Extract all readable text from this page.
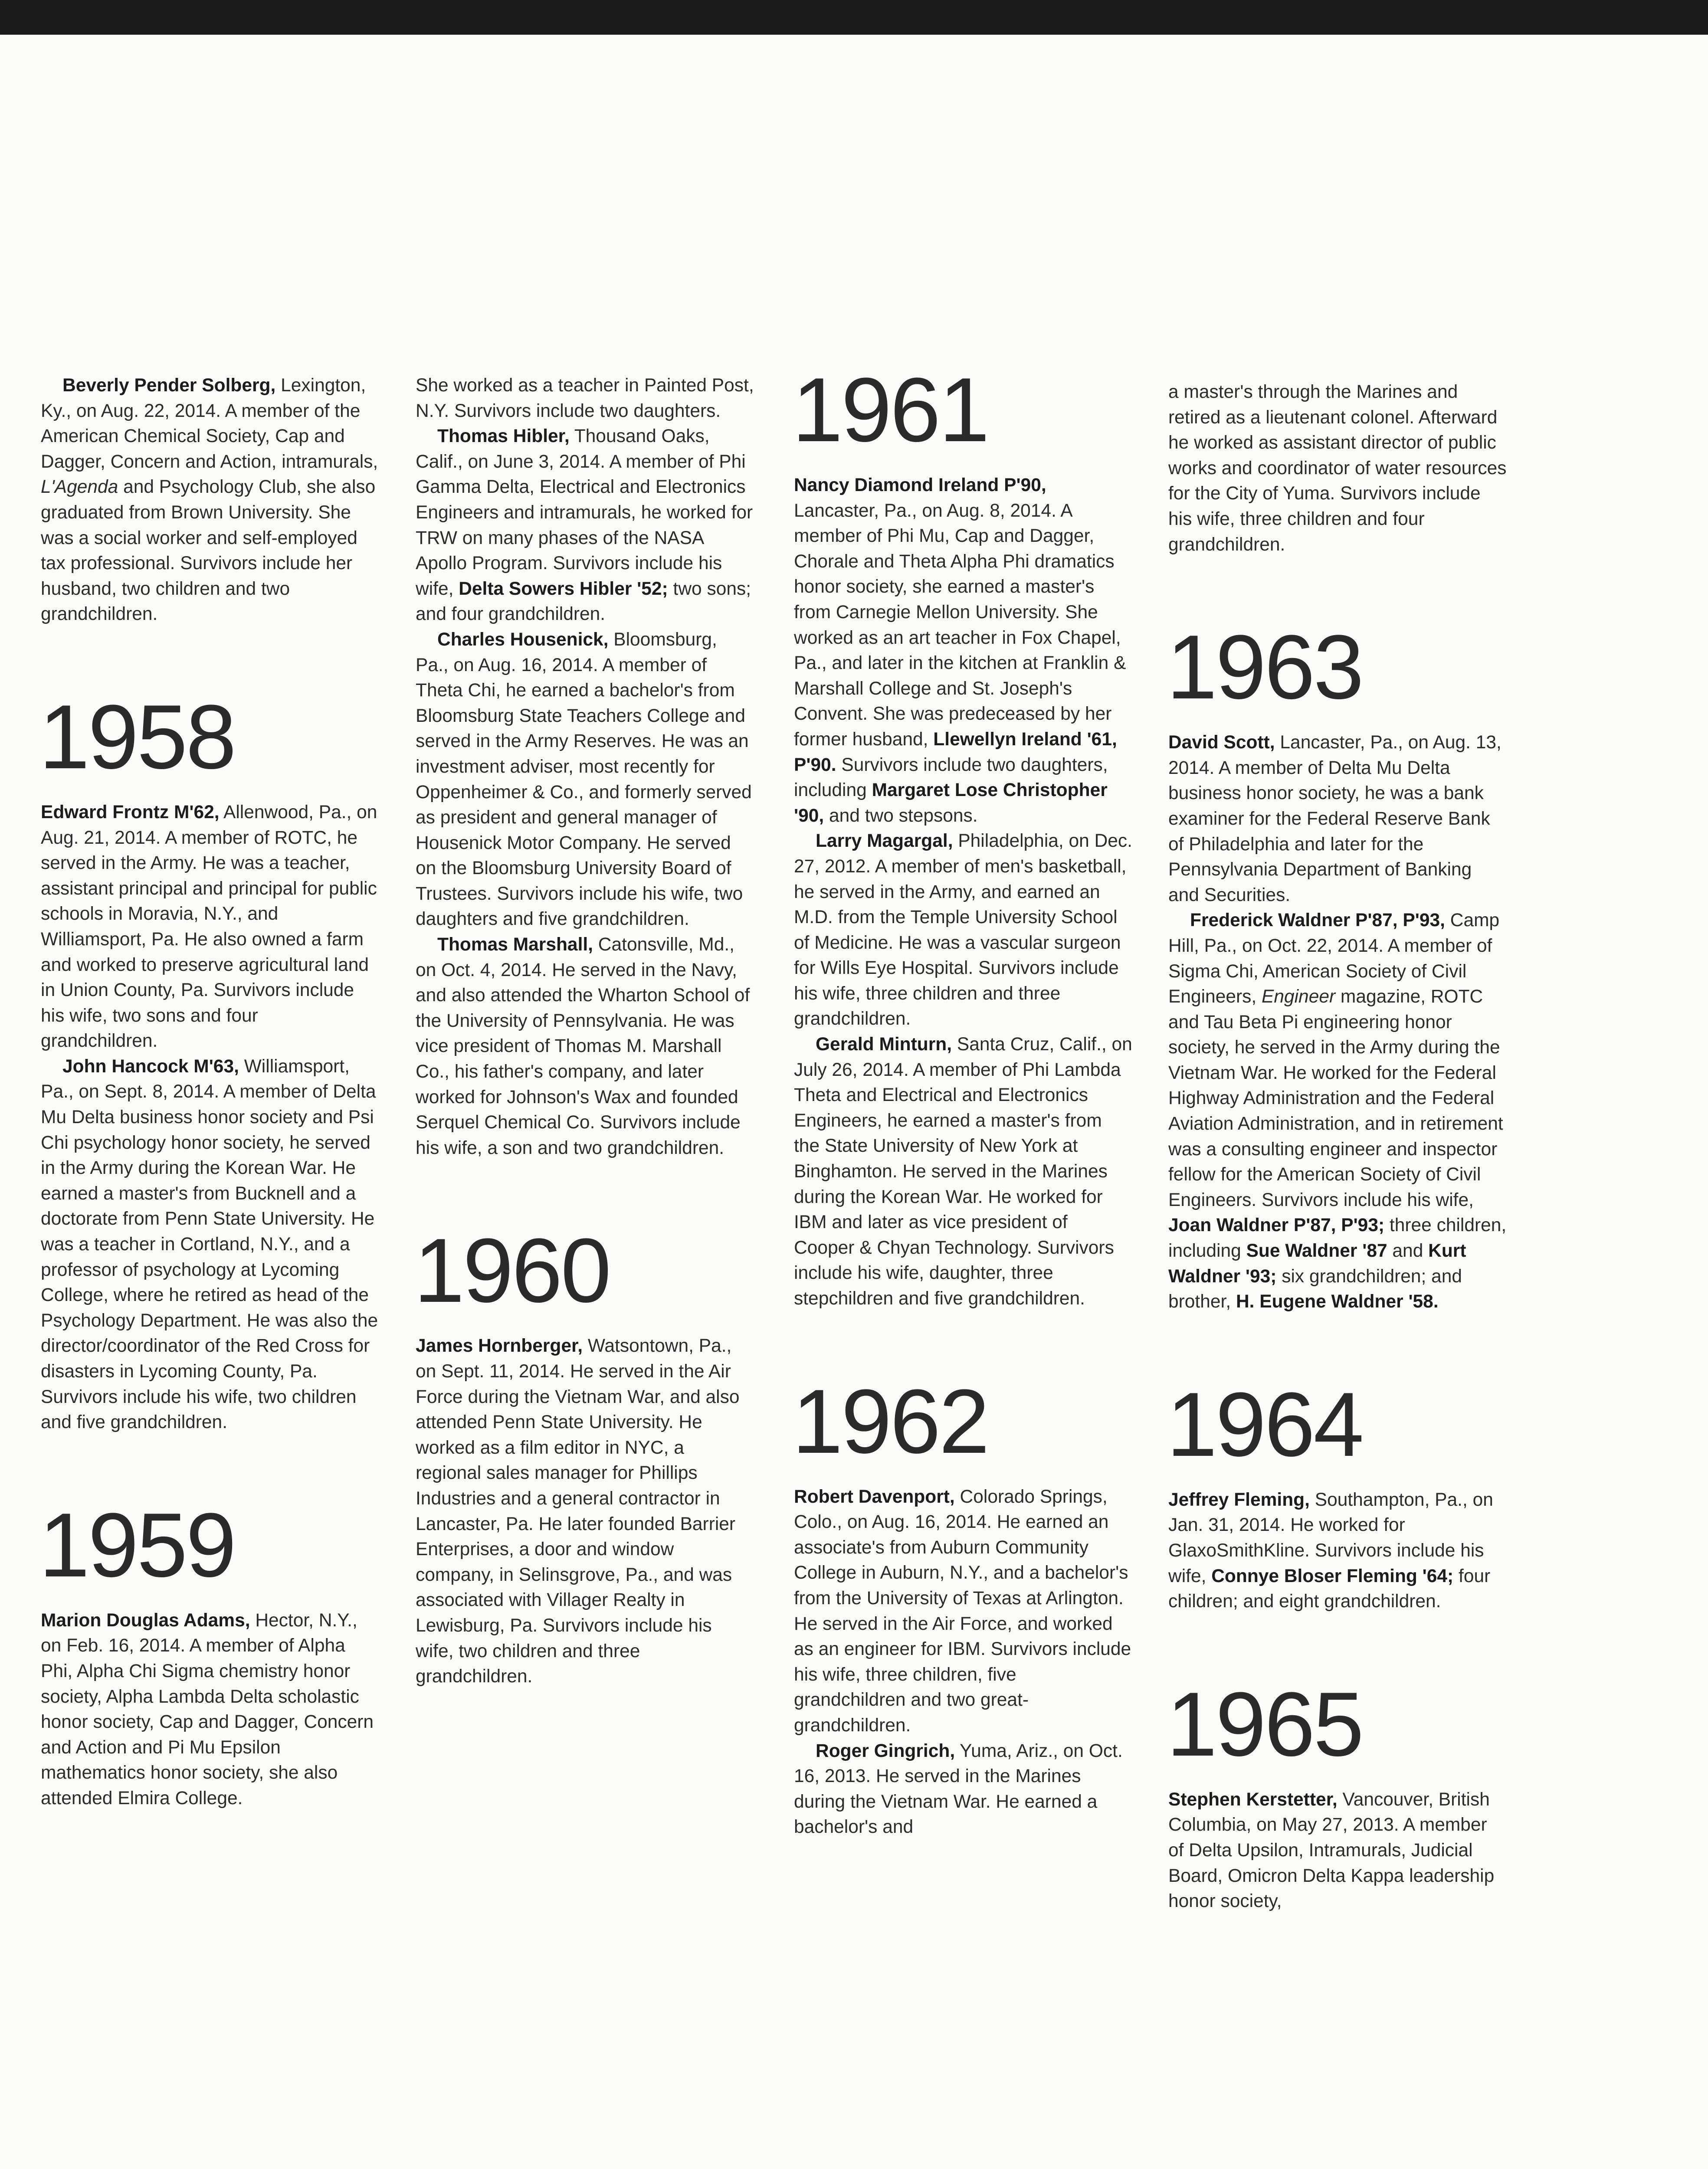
Beverly Pender Solberg, Lexington, Ky., on Aug. 22, 2014. A member of the American Chemical Society, Cap and Dagger, Concern and Action, intramurals, L'Agenda and Psychology Club, she also graduated from Brown University. She was a social worker and self-employed tax professional. Survivors include her husband, two children and two grandchildren.

1958

Edward Frontz M'62, Allenwood, Pa., on Aug. 21, 2014. A member of ROTC, he served in the Army. He was a teacher, assistant principal and principal for public schools in Moravia, N.Y., and Williamsport, Pa. He also owned a farm and worked to preserve agricultural land in Union County, Pa. Survivors include his wife, two sons and four grandchildren.

John Hancock M'63, Williamsport, Pa., on Sept. 8, 2014. A member of Delta Mu Delta business honor society and Psi Chi psychology honor society, he served in the Army during the Korean War. He earned a master's from Bucknell and a doctorate from Penn State University. He was a teacher in Cortland, N.Y., and a professor of psychology at Lycoming College, where he retired as head of the Psychology Department. He was also the director/coordinator of the Red Cross for disasters in Lycoming County, Pa. Survivors include his wife, two children and five grandchildren.

1959

Marion Douglas Adams, Hector, N.Y., on Feb. 16, 2014. A member of Alpha Phi, Alpha Chi Sigma chemistry honor society, Alpha Lambda Delta scholastic honor society, Cap and Dagger, Concern and Action and Pi Mu Epsilon mathematics honor society, she also attended Elmira College.

She worked as a teacher in Painted Post, N.Y. Survivors include two daughters.

Thomas Hibler, Thousand Oaks, Calif., on June 3, 2014. A member of Phi Gamma Delta, Electrical and Electronics Engineers and intramurals, he worked for TRW on many phases of the NASA Apollo Program. Survivors include his wife, Delta Sowers Hibler '52; two sons; and four grandchildren.

Charles Housenick, Bloomsburg, Pa., on Aug. 16, 2014. A member of Theta Chi, he earned a bachelor's from Bloomsburg State Teachers College and served in the Army Reserves. He was an investment adviser, most recently for Oppenheimer & Co., and formerly served as president and general manager of Housenick Motor Company. He served on the Bloomsburg University Board of Trustees. Survivors include his wife, two daughters and five grandchildren.

Thomas Marshall, Catonsville, Md., on Oct. 4, 2014. He served in the Navy, and also attended the Wharton School of the University of Pennsylvania. He was vice president of Thomas M. Marshall Co., his father's company, and later worked for Johnson's Wax and founded Serquel Chemical Co. Survivors include his wife, a son and two grandchildren.

1960

James Hornberger, Watsontown, Pa., on Sept. 11, 2014. He served in the Air Force during the Vietnam War, and also attended Penn State University. He worked as a film editor in NYC, a regional sales manager for Phillips Industries and a general contractor in Lancaster, Pa. He later founded Barrier Enterprises, a door and window company, in Selinsgrove, Pa., and was associated with Villager Realty in Lewisburg, Pa. Survivors include his wife, two children and three grandchildren.

1961

Nancy Diamond Ireland P'90, Lancaster, Pa., on Aug. 8, 2014. A member of Phi Mu, Cap and Dagger, Chorale and Theta Alpha Phi dramatics honor society, she earned a master's from Carnegie Mellon University. She worked as an art teacher in Fox Chapel, Pa., and later in the kitchen at Franklin & Marshall College and St. Joseph's Convent. She was predeceased by her former husband, Llewellyn Ireland '61, P'90. Survivors include two daughters, including Margaret Lose Christopher '90, and two stepsons.

Larry Magargal, Philadelphia, on Dec. 27, 2012. A member of men's basketball, he served in the Army, and earned an M.D. from the Temple University School of Medicine. He was a vascular surgeon for Wills Eye Hospital. Survivors include his wife, three children and three grandchildren.

Gerald Minturn, Santa Cruz, Calif., on July 26, 2014. A member of Phi Lambda Theta and Electrical and Electronics Engineers, he earned a master's from the State University of New York at Binghamton. He served in the Marines during the Korean War. He worked for IBM and later as vice president of Cooper & Chyan Technology. Survivors include his wife, daughter, three stepchildren and five grandchildren.

1962

Robert Davenport, Colorado Springs, Colo., on Aug. 16, 2014. He earned an associate's from Auburn Community College in Auburn, N.Y., and a bachelor's from the University of Texas at Arlington. He served in the Air Force, and worked as an engineer for IBM. Survivors include his wife, three children, five grandchildren and two great-grandchildren.

Roger Gingrich, Yuma, Ariz., on Oct. 16, 2013. He served in the Marines during the Vietnam War. He earned a bachelor's and

a master's through the Marines and retired as a lieutenant colonel. Afterward he worked as assistant director of public works and coordinator of water resources for the City of Yuma. Survivors include his wife, three children and four grandchildren.

1963

David Scott, Lancaster, Pa., on Aug. 13, 2014. A member of Delta Mu Delta business honor society, he was a bank examiner for the Federal Reserve Bank of Philadelphia and later for the Pennsylvania Department of Banking and Securities.

Frederick Waldner P'87, P'93, Camp Hill, Pa., on Oct. 22, 2014. A member of Sigma Chi, American Society of Civil Engineers, Engineer magazine, ROTC and Tau Beta Pi engineering honor society, he served in the Army during the Vietnam War. He worked for the Federal Highway Administration and the Federal Aviation Administration, and in retirement was a consulting engineer and inspector fellow for the American Society of Civil Engineers. Survivors include his wife, Joan Waldner P'87, P'93; three children, including Sue Waldner '87 and Kurt Waldner '93; six grandchildren; and brother, H. Eugene Waldner '58.

1964

Jeffrey Fleming, Southampton, Pa., on Jan. 31, 2014. He worked for GlaxoSmithKline. Survivors include his wife, Connye Bloser Fleming '64; four children; and eight grandchildren.

1965

Stephen Kerstetter, Vancouver, British Columbia, on May 27, 2013. A member of Delta Upsilon, Intramurals, Judicial Board, Omicron Delta Kappa leadership honor society,
